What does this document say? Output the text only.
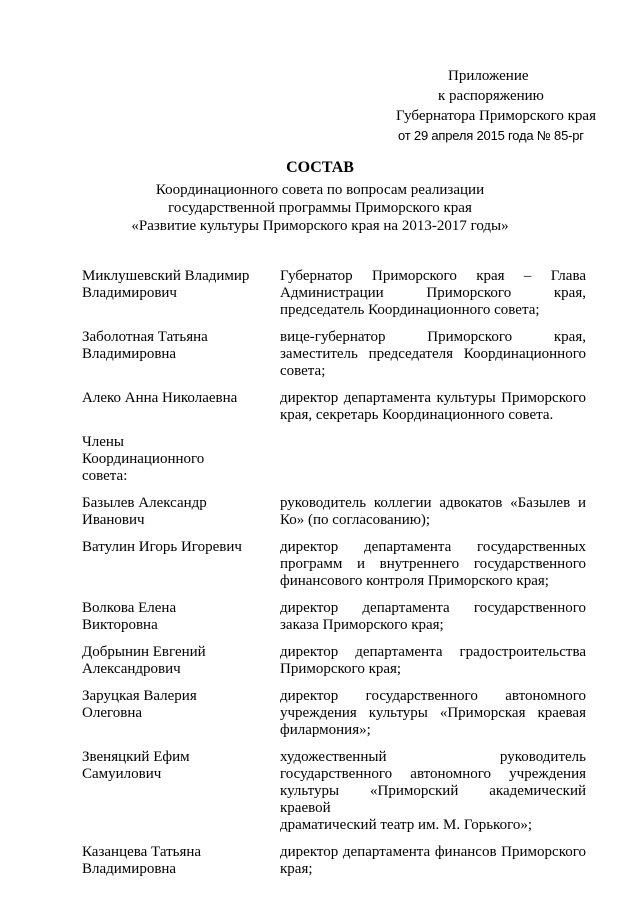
Приложение
к распоряжению
Губернатора Приморского края
от 29 апреля 2015 года № 85-рг
СОСТАВ
Координационного совета по вопросам реализации
государственной программы Приморского края
«Развитие культуры Приморского края на 2013-2017 годы»
Миклушевский Владимир
Владимирович
Губернатор Приморского края – Глава
Администрации Приморского края,
председатель Координационного совета;
Заболотная Татьяна
Владимировна
вице-губернатор Приморского края,
заместитель председателя Координационного
совета;
Алеко Анна Николаевна	директор департамента культуры Приморского
края, секретарь Координационного совета.
Члены
Координационного
совета:
Базылев Александр
Иванович
руководитель коллегии адвокатов «Базылев и
Ко» (по согласованию);
Ватулин Игорь Игоревич	директор департамента государственных
программ и внутреннего государственного
финансового контроля Приморского края;
Волкова Елена
Викторовна
директор департамента государственного
заказа Приморского края;
Добрынин Евгений
Александрович
директор департамента градостроительства
Приморского края;
Заруцкая Валерия
Олеговна
директор государственного автономного
учреждения культуры «Приморская краевая
филармония»;
Звеняцкий Ефим
Самуилович
художественный руководитель
государственного автономного учреждения
культуры «Приморский академический краевой
драматический театр им. М. Горького»;
Казанцева Татьяна
Владимировна
директор департамента финансов Приморского
края;
